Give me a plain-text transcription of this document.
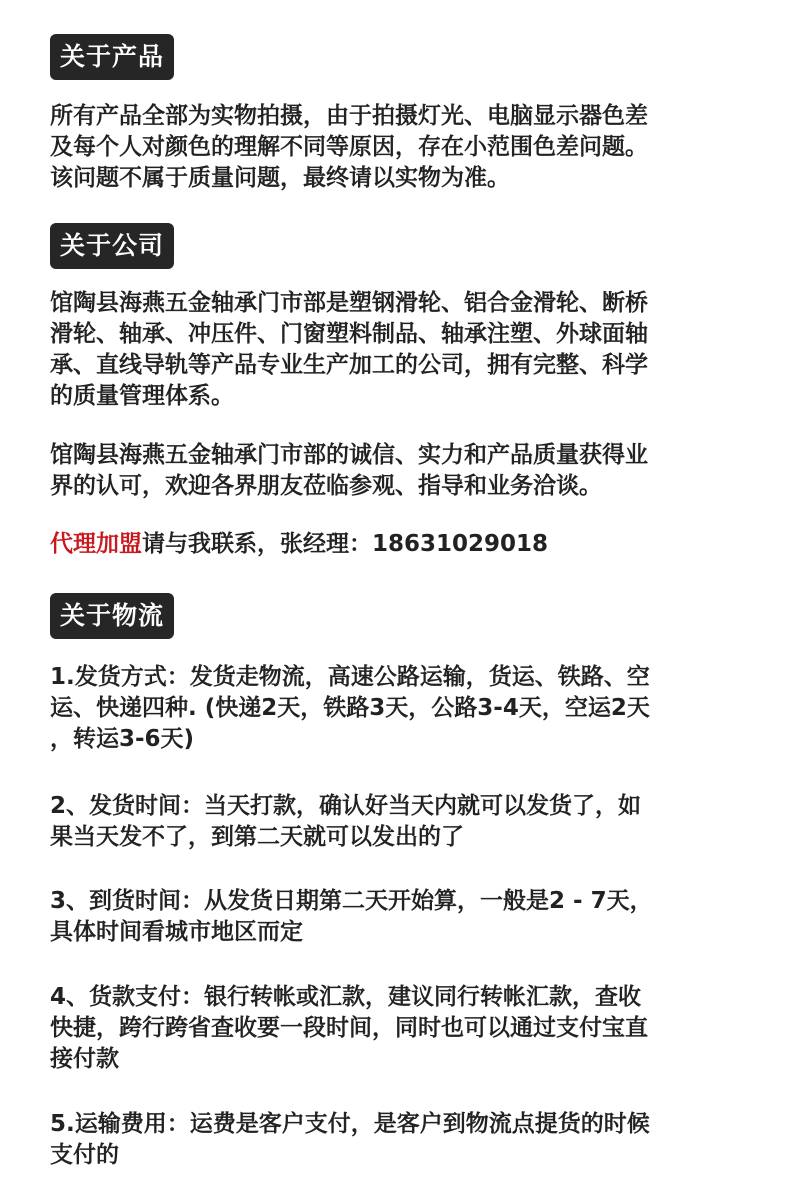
关于产品
所有产品全部为实物拍摄，由于拍摄灯光、电脑显示器色差
及每个人对颜色的理解不同等原因，存在小范围色差问题。
该问题不属于质量问题，最终请以实物为准。
关于公司
馆陶县海燕五金轴承门市部是塑钢滑轮、铝合金滑轮、断桥
滑轮、轴承、冲压件、门窗塑料制品、轴承注塑、外球面轴
承、直线导轨等产品专业生产加工的公司，拥有完整、科学
的质量管理体系。
馆陶县海燕五金轴承门市部的诚信、实力和产品质量获得业
界的认可，欢迎各界朋友莅临参观、指导和业务洽谈。
代理加盟请与我联系，张经理：18631029018
关于物流
1.发货方式：发货走物流，高速公路运输，货运、铁路、空
运、快递四种. (快递2天，铁路3天，公路3-4天，空运2天
，转运3-6天)
2、发货时间：当天打款，确认好当天内就可以发货了，如
果当天发不了，到第二天就可以发出的了
3、到货时间：从发货日期第二天开始算，一般是2 - 7天，
具体时间看城市地区而定
4、货款支付：银行转帐或汇款，建议同行转帐汇款，查收
快捷，跨行跨省查收要一段时间，同时也可以通过支付宝直
接付款
5.运输费用：运费是客户支付，是客户到物流点提货的时候
支付的
